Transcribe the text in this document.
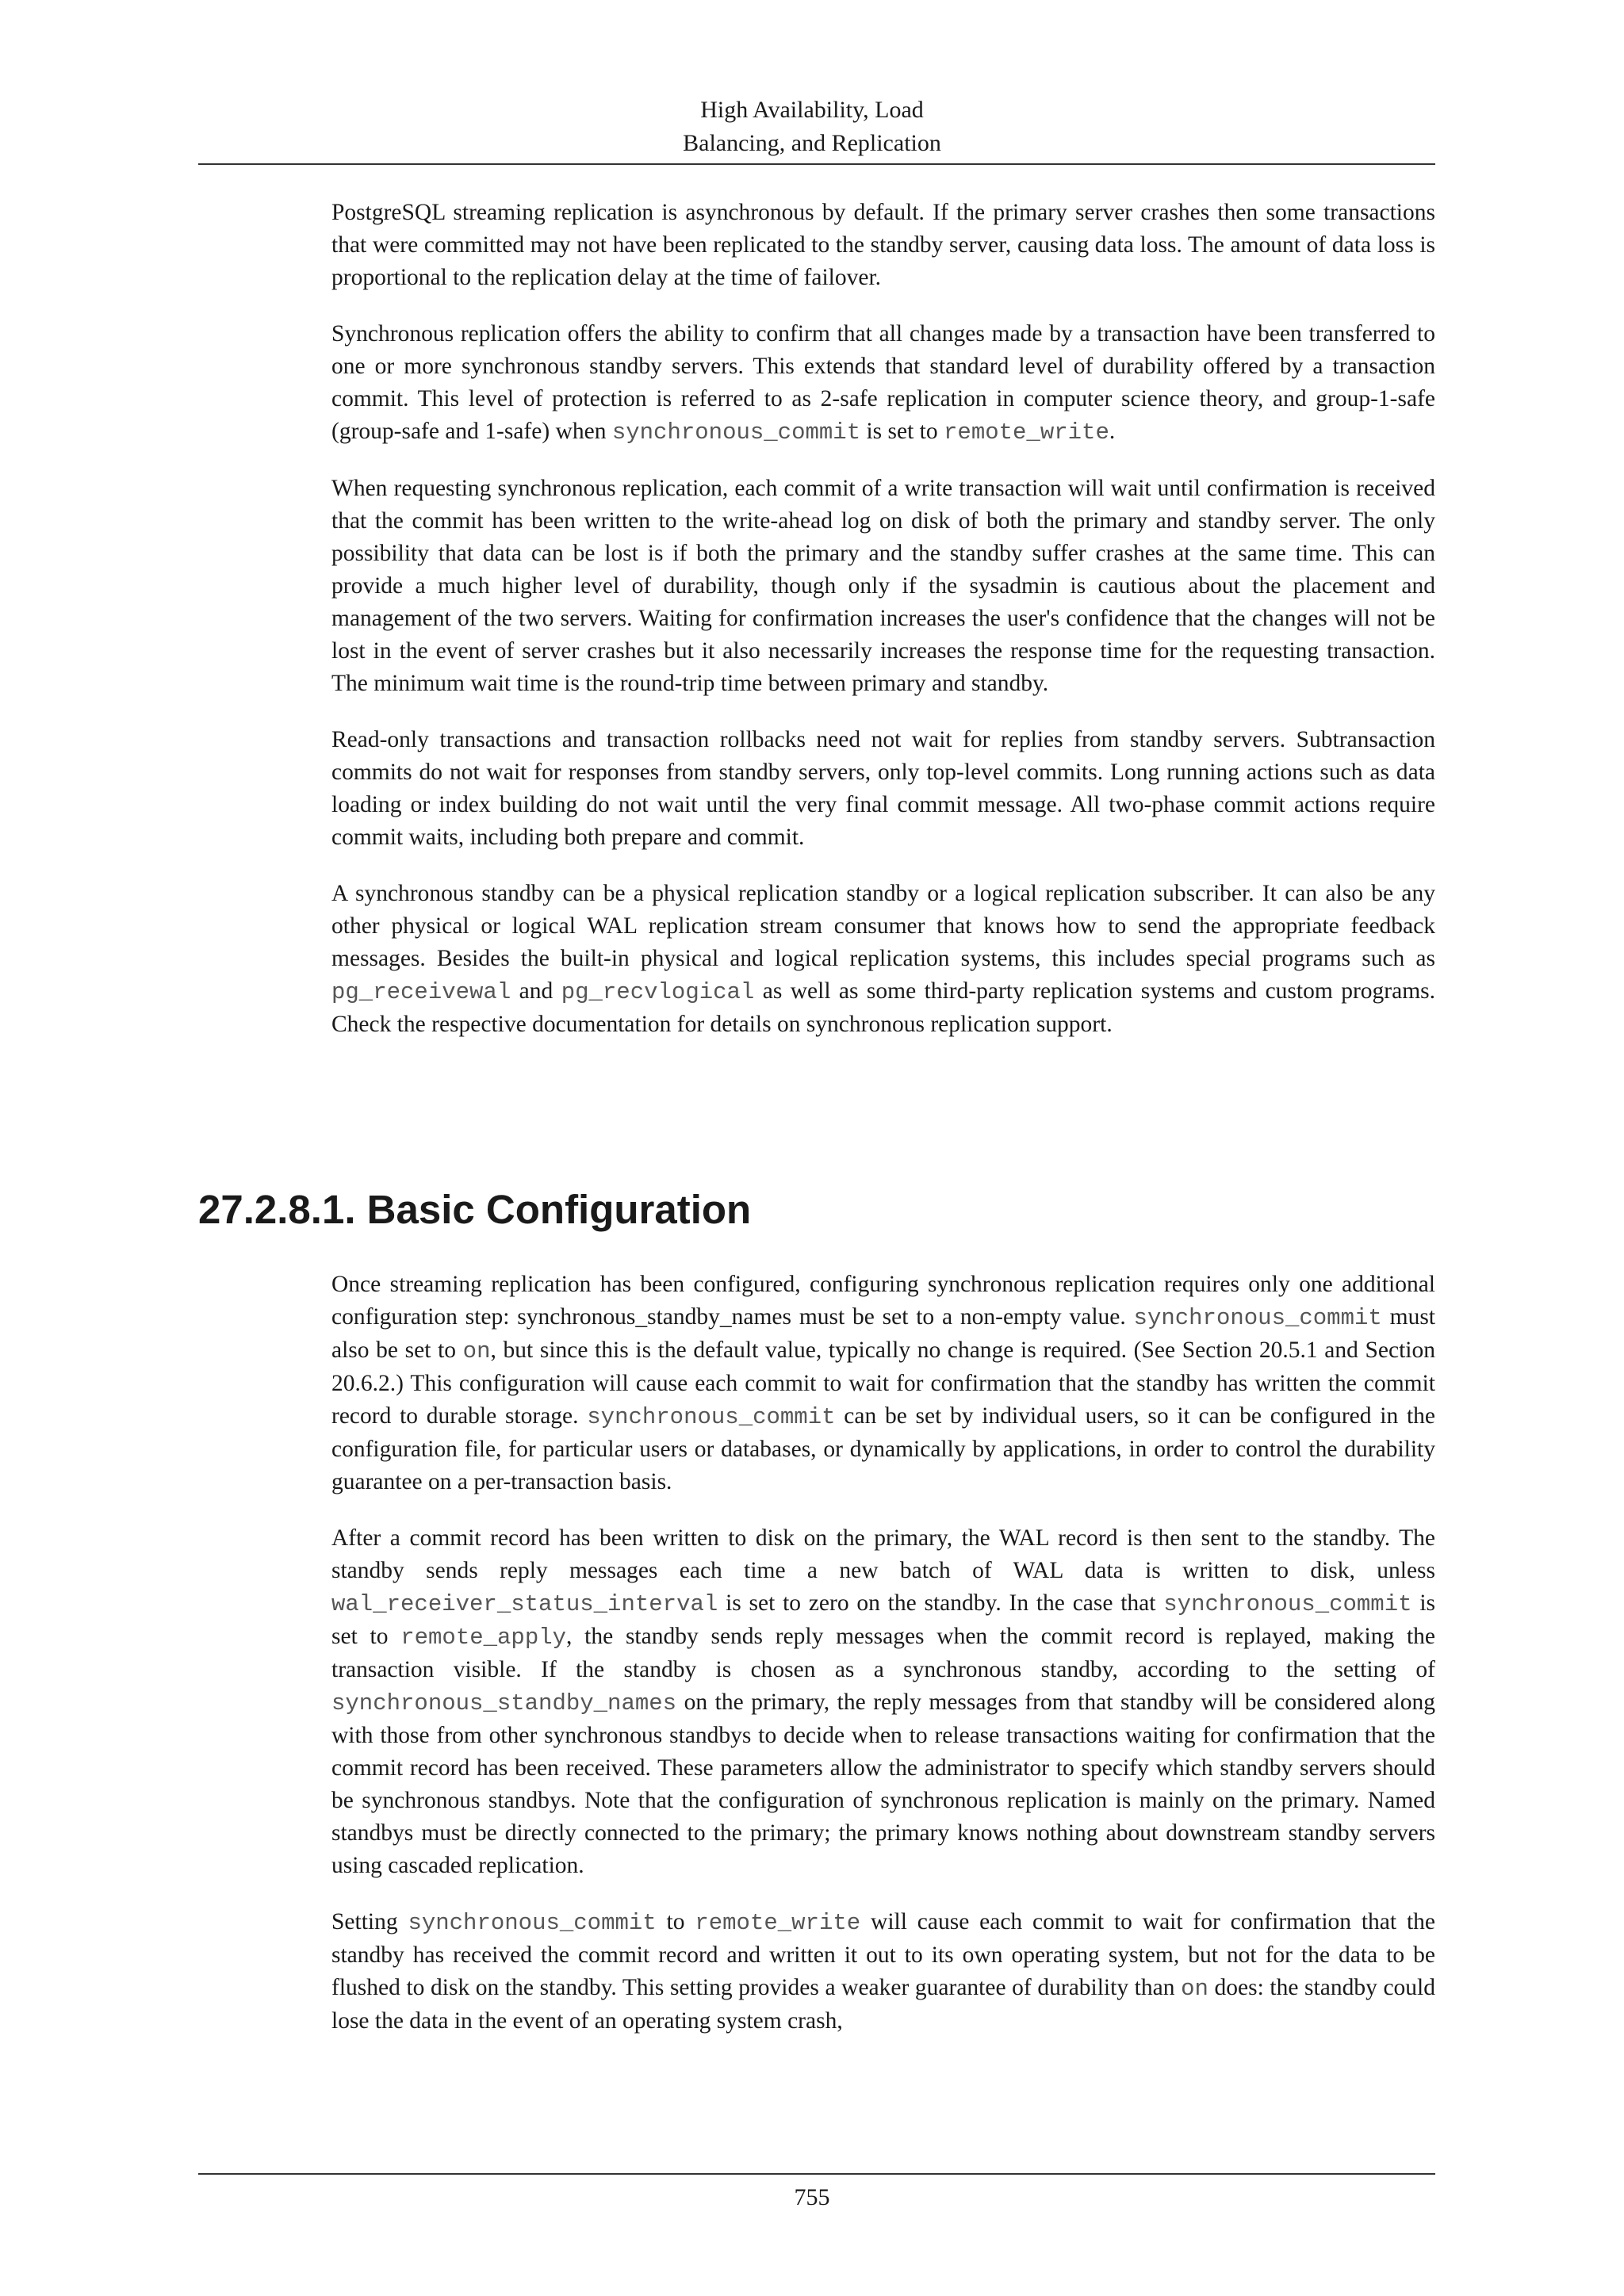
High Availability, Load
Balancing, and Replication

PostgreSQL streaming replication is asynchronous by default. If the primary server crashes then some transactions that were committed may not have been replicated to the standby server, causing data loss. The amount of data loss is proportional to the replication delay at the time of failover.

Synchronous replication offers the ability to confirm that all changes made by a transaction have been transferred to one or more synchronous standby servers. This extends that standard level of durability offered by a transaction commit. This level of protection is referred to as 2-safe replication in computer science theory, and group-1-safe (group-safe and 1-safe) when synchronous_commit is set to remote_write.

When requesting synchronous replication, each commit of a write transaction will wait until confirmation is received that the commit has been written to the write-ahead log on disk of both the primary and standby server. The only possibility that data can be lost is if both the primary and the standby suffer crashes at the same time. This can provide a much higher level of durability, though only if the sysadmin is cautious about the placement and management of the two servers. Waiting for confirmation increases the user's confidence that the changes will not be lost in the event of server crashes but it also necessarily increases the response time for the requesting transaction. The minimum wait time is the round-trip time between primary and standby.

Read-only transactions and transaction rollbacks need not wait for replies from standby servers. Subtransaction commits do not wait for responses from standby servers, only top-level commits. Long running actions such as data loading or index building do not wait until the very final commit message. All two-phase commit actions require commit waits, including both prepare and commit.

A synchronous standby can be a physical replication standby or a logical replication subscriber. It can also be any other physical or logical WAL replication stream consumer that knows how to send the appropriate feedback messages. Besides the built-in physical and logical replication systems, this includes special programs such as pg_receivewal and pg_recvlogical as well as some third-party replication systems and custom programs. Check the respective documentation for details on synchronous replication support.

27.2.8.1. Basic Configuration

Once streaming replication has been configured, configuring synchronous replication requires only one additional configuration step: synchronous_standby_names must be set to a non-empty value. synchronous_commit must also be set to on, but since this is the default value, typically no change is required. (See Section 20.5.1 and Section 20.6.2.) This configuration will cause each commit to wait for confirmation that the standby has written the commit record to durable storage. synchronous_commit can be set by individual users, so it can be configured in the configuration file, for particular users or databases, or dynamically by applications, in order to control the durability guarantee on a per-transaction basis.

After a commit record has been written to disk on the primary, the WAL record is then sent to the standby. The standby sends reply messages each time a new batch of WAL data is written to disk, unless wal_receiver_status_interval is set to zero on the standby. In the case that synchronous_commit is set to remote_apply, the standby sends reply messages when the commit record is replayed, making the transaction visible. If the standby is chosen as a synchronous standby, according to the setting of synchronous_standby_names on the primary, the reply messages from that standby will be considered along with those from other synchronous standbys to decide when to release transactions waiting for confirmation that the commit record has been received. These parameters allow the administrator to specify which standby servers should be synchronous standbys. Note that the configuration of synchronous replication is mainly on the primary. Named standbys must be directly connected to the primary; the primary knows nothing about downstream standby servers using cascaded replication.

Setting synchronous_commit to remote_write will cause each commit to wait for confirmation that the standby has received the commit record and written it out to its own operating system, but not for the data to be flushed to disk on the standby. This setting provides a weaker guarantee of durability than on does: the standby could lose the data in the event of an operating system crash,

755
